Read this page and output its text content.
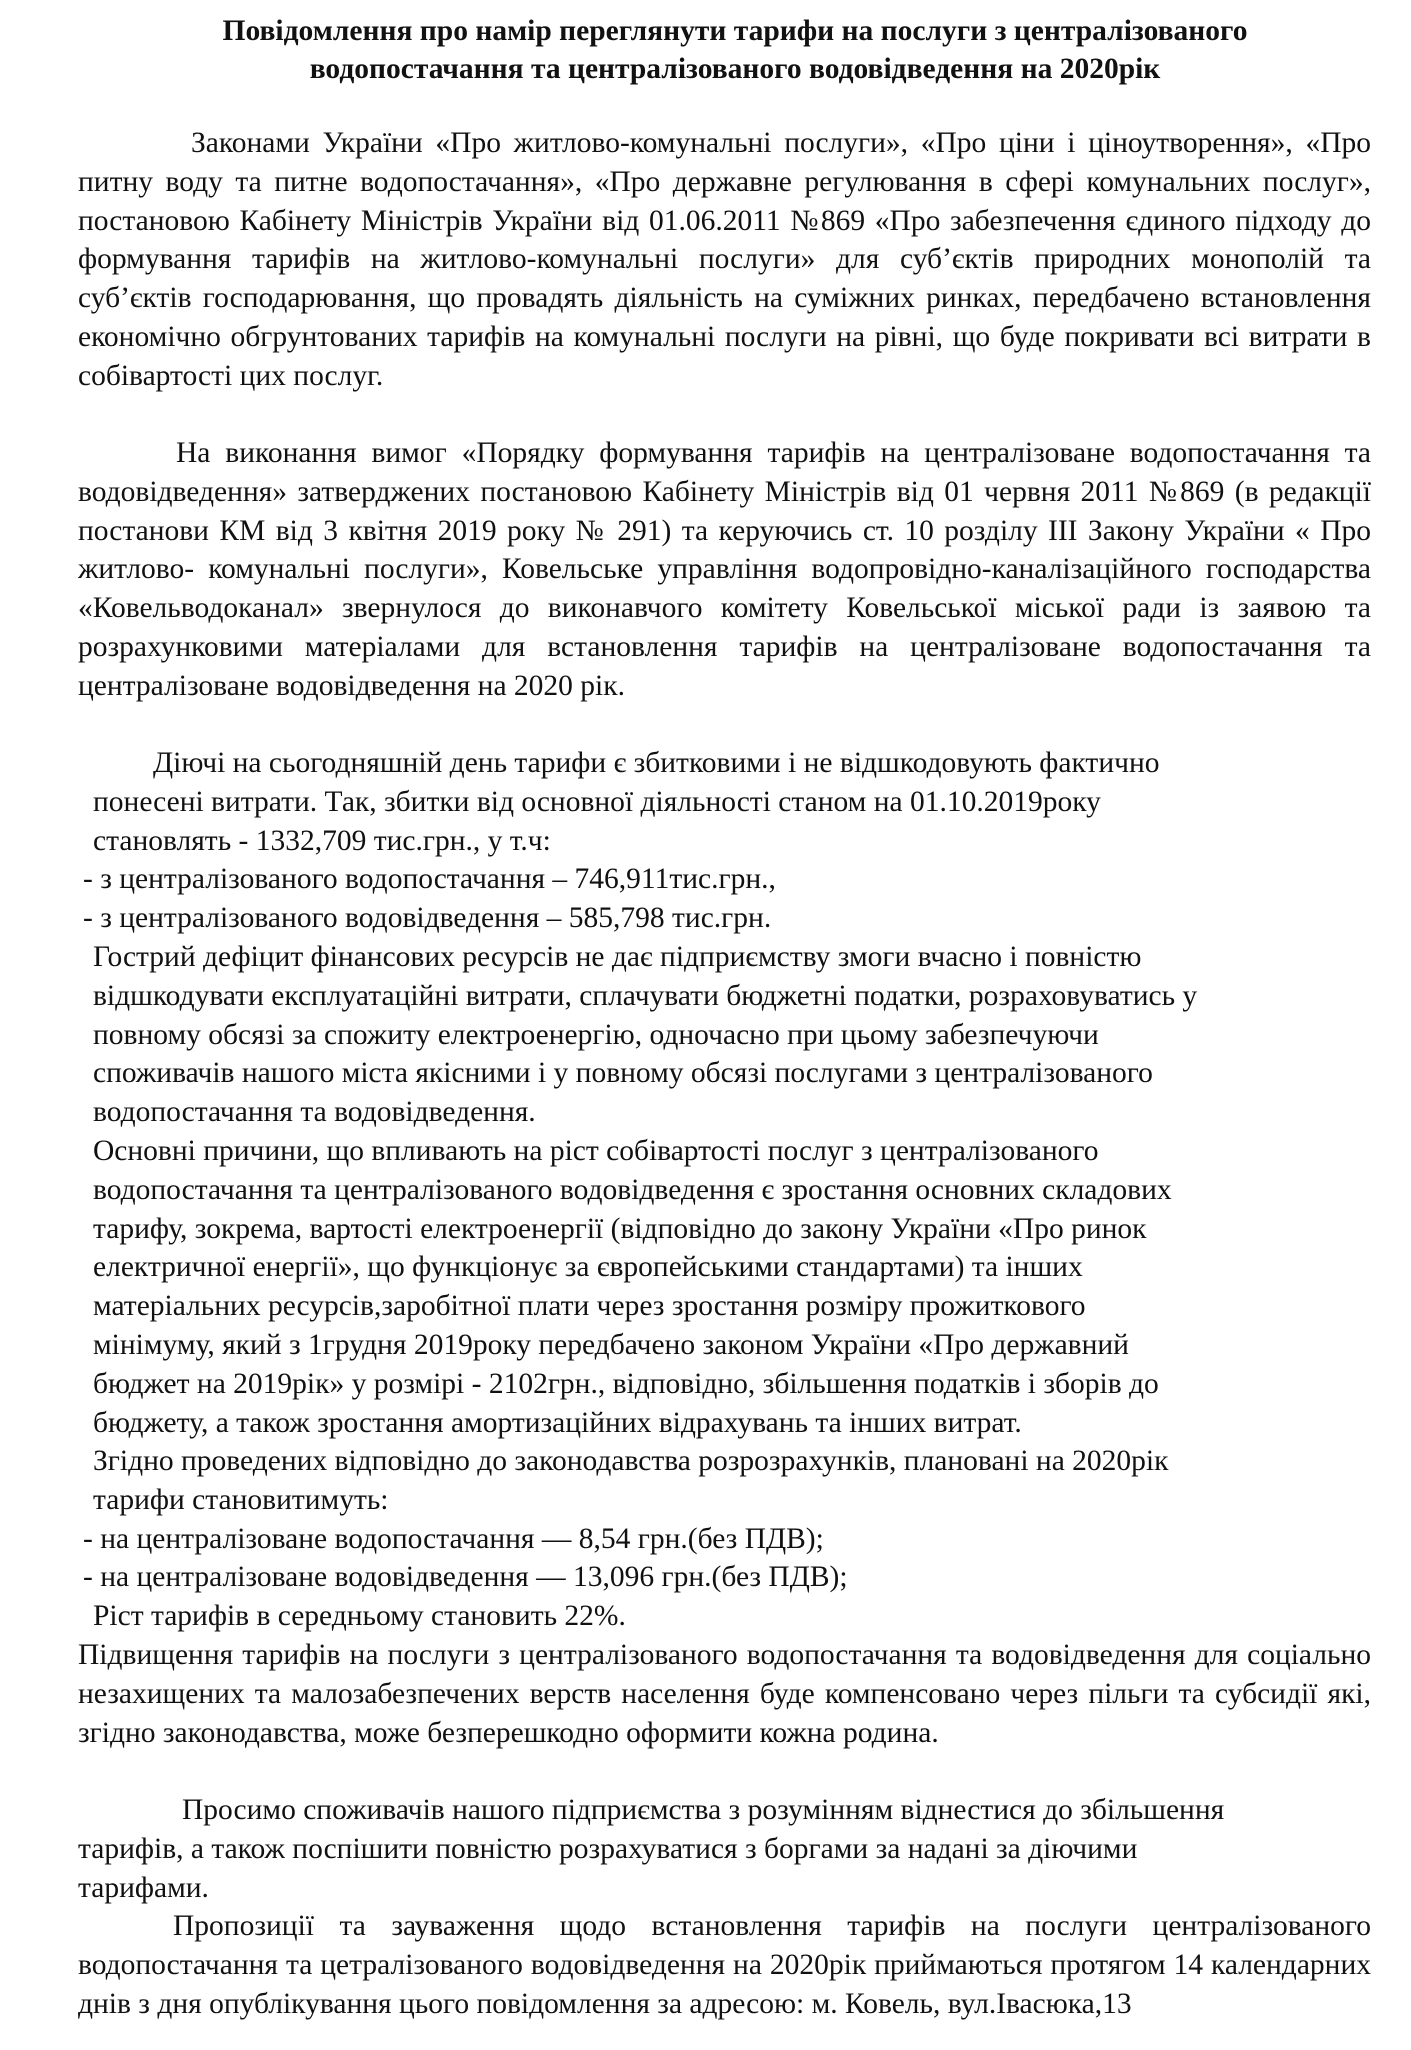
Повідомлення про намір переглянути тарифи на послуги з централізованого
водопостачання та централізованого водовідведення на 2020рік

Законами України «Про житлово-комунальні послуги», «Про ціни і ціноутворення», «Про питну воду та питне водопостачання», «Про державне регулювання в сфері комунальних послуг», постановою Кабінету Міністрів України від 01.06.2011 №869 «Про забезпечення єдиного підходу до формування тарифів на житлово-комунальні послуги» для суб’єктів природних монополій та суб’єктів господарювання, що провадять діяльність на суміжних ринках, передбачено встановлення економічно обгрунтованих тарифів на комунальні послуги на рівні, що буде покривати всі витрати в собівартості цих послуг.

На виконання вимог «Порядку формування тарифів на централізоване водопостачання та водовідведення» затверджених постановою Кабінету Міністрів від 01 червня 2011 №869 (в редакції постанови КМ від 3 квітня 2019 року № 291) та керуючись ст. 10 розділу ІІІ Закону України « Про житлово- комунальні послуги», Ковельське управління водопровідно-каналізаційного господарства «Ковельводоканал» звернулося до виконавчого комітету Ковельської міської ради із заявою та розрахунковими матеріалами для встановлення тарифів на централізоване водопостачання та централізоване водовідведення на 2020 рік.

Діючі на сьогодняшній день тарифи є збитковими і не відшкодовують фактично
понесені витрати. Так, збитки від основної діяльності станом на 01.10.2019року
становлять - 1332,709 тис.грн., у т.ч:
- з централізованого водопостачання – 746,911тис.грн.,
- з централізованого водовідведення – 585,798 тис.грн.
Гострий дефіцит фінансових ресурсів не дає підприємству змоги вчасно і повністю
відшкодувати експлуатаційні витрати, сплачувати бюджетні податки, розраховуватись у
повному обсязі за спожиту електроенергію, одночасно при цьому забезпечуючи
споживачів нашого міста якісними і у повному обсязі послугами з централізованого
водопостачання та водовідведення.
Основні причини, що впливають на ріст собівартості послуг з централізованого
водопостачання та централізованого водовідведення є зростання основних складових
тарифу, зокрема, вартості електроенергії (відповідно до закону України «Про ринок
електричної енергії», що функціонує за європейськими стандартами) та інших
матеріальних ресурсів,заробітної плати через зростання розміру прожиткового
мінімуму, який з 1грудня 2019року передбачено законом України «Про державний
бюджет на 2019рік» у розмірі - 2102грн., відповідно, збільшення податків і зборів до
бюджету, а також зростання амортизаційних відрахувань та інших витрат.
Згідно проведених відповідно до законодавства розрозрахунків, плановані на 2020рік
тарифи становитимуть:
- на централізоване водопостачання — 8,54 грн.(без ПДВ);
- на централізоване водовідведення — 13,096 грн.(без ПДВ);
Ріст тарифів в середньому становить 22%.

Підвищення тарифів на послуги з централізованого водопостачання та водовідведення для соціально незахищених та малозабезпечених верств населення буде компенсовано через пільги та субсидії які, згідно законодавства, може безперешкодно оформити кожна родина.

Просимо споживачів нашого підприємства з розумінням віднестися до збільшення
тарифів, а також поспішити повністю розрахуватися з боргами за надані за діючими
тарифами.

Пропозиції та зауваження щодо встановлення тарифів на послуги централізованого водопостачання та цетралізованого водовідведення на 2020рік приймаються протягом 14 календарних днів з дня опублікування цього повідомлення за адресою: м. Ковель, вул.Івасюка,13
